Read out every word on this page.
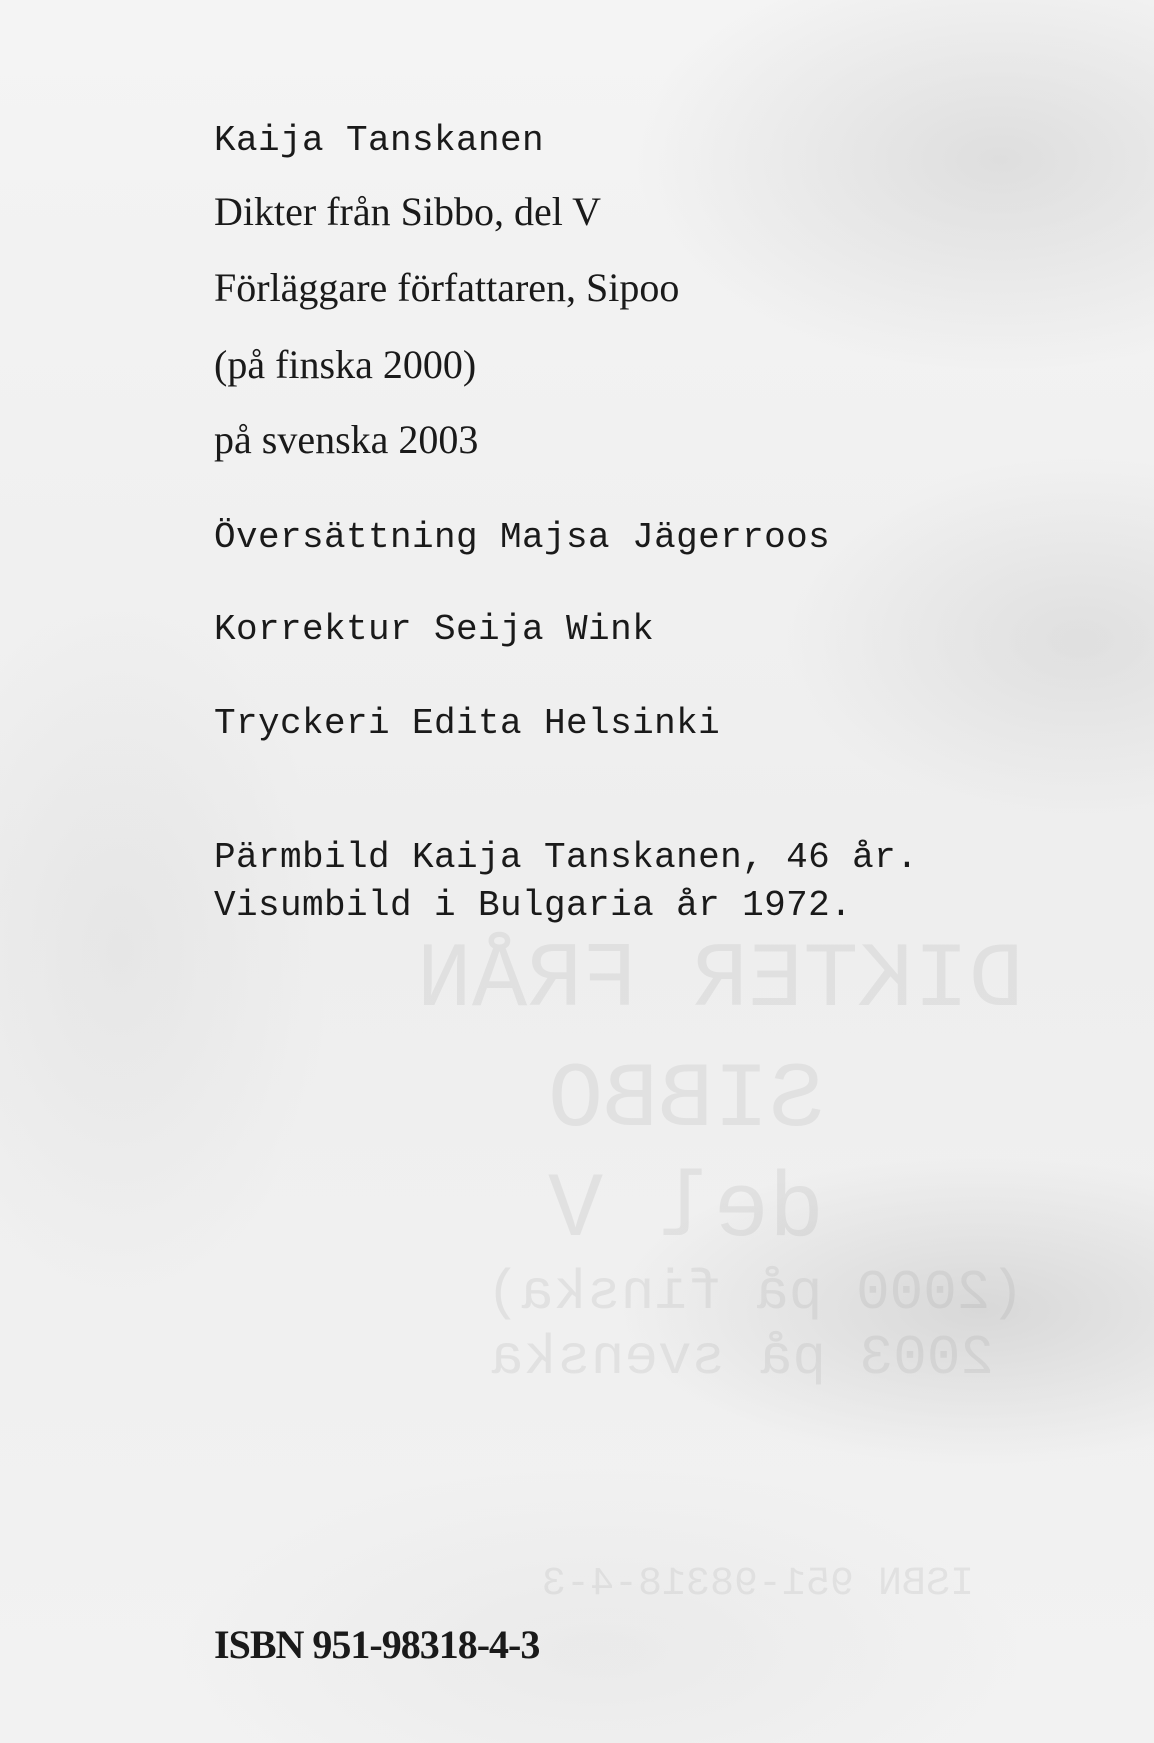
DIKTER FRÅN

SIBBO

del V

(2000 på finska)

2003 på svenska

ISBN 951-98318-4-3

Kaija Tanskanen

Dikter från Sibbo, del V

Förläggare författaren, Sipoo

(på finska 2000)

på svenska 2003

Översättning Majsa Jägerroos

Korrektur Seija Wink

Tryckeri Edita Helsinki

Pärmbild Kaija Tanskanen, 46 år.

Visumbild i Bulgaria år 1972.

ISBN 951-98318-4-3
